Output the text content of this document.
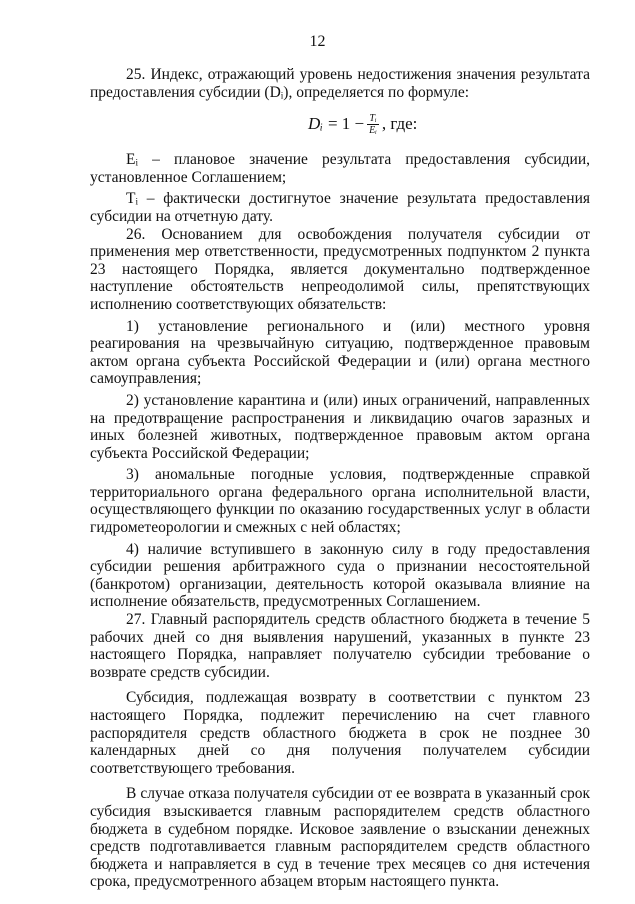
12

25. Индекс, отражающий уровень недостижения значения результата предоставления субсидии (Dᵢ), определяется по формуле:

Dᵢ = $1 - \frac{\text{Tᵢ}}{\text{Eᵢ}}$ , где:

Eᵢ – плановое значение результата предоставления субсидии, установленное Соглашением;

Tᵢ – фактически достигнутое значение результата предоставления субсидии на отчетную дату.

26. Основанием для освобождения получателя субсидии от применения мер ответственности, предусмотренных подпунктом 2 пункта 23 настоящего Порядка, является документально подтвержденное наступление обстоятельств непреодолимой силы, препятствующих исполнению соответствующих обязательств:

1) установление регионального и (или) местного уровня реагирования на чрезвычайную ситуацию, подтвержденное правовым актом органа субъекта Российской Федерации и (или) органа местного самоуправления;

2) установление карантина и (или) иных ограничений, направленных на предотвращение распространения и ликвидацию очагов заразных и иных болезней животных, подтвержденное правовым актом органа субъекта Российской Федерации;

3) аномальные погодные условия, подтвержденные справкой территориального органа федерального органа исполнительной власти, осуществляющего функции по оказанию государственных услуг в области гидрометеорологии и смежных с ней областях;

4) наличие вступившего в законную силу в году предоставления субсидии решения арбитражного суда о признании несостоятельной (банкротом) организации, деятельность которой оказывала влияние на исполнение обязательств, предусмотренных Соглашением.

27. Главный распорядитель средств областного бюджета в течение 5 рабочих дней со дня выявления нарушений, указанных в пункте 23 настоящего Порядка, направляет получателю субсидии требование о возврате средств субсидии.

Субсидия, подлежащая возврату в соответствии с пунктом 23 настоящего Порядка, подлежит перечислению на счет главного распорядителя средств областного бюджета в срок не позднее 30 календарных дней со дня получения получателем субсидии соответствующего требования.

В случае отказа получателя субсидии от ее возврата в указанный срок субсидия взыскивается главным распорядителем средств областного бюджета в судебном порядке. Исковое заявление о взыскании денежных средств подготавливается главным распорядителем средств областного бюджета и направляется в суд в течение трех месяцев со дня истечения срока, предусмотренного абзацем вторым настоящего пункта.
